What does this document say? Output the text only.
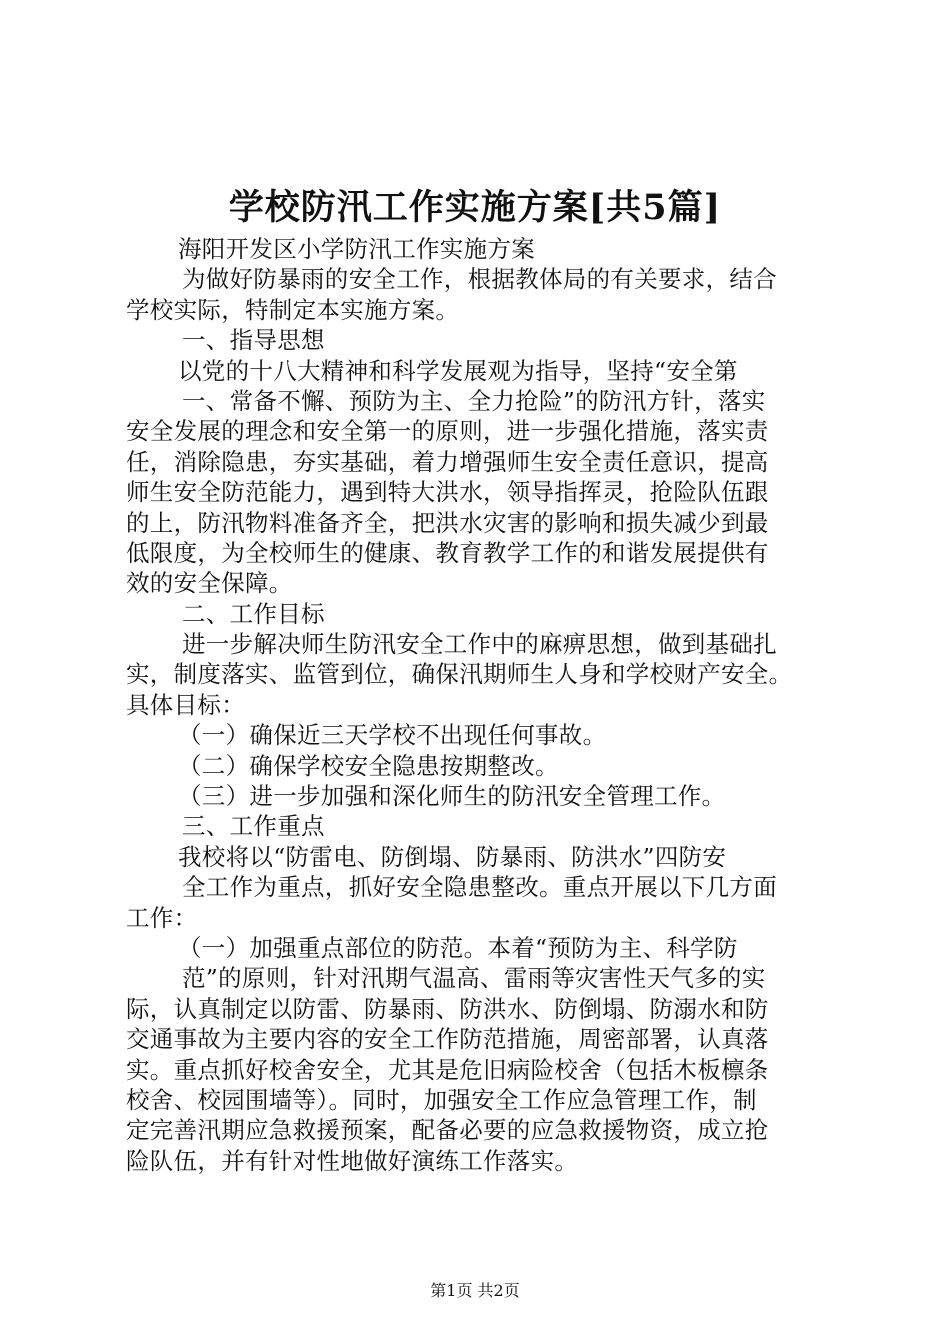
学校防汛工作实施方案[共5篇]
海阳开发区小学防汛工作实施方案
为做好防暴雨的安全工作，根据教体局的有关要求，结合
学校实际，特制定本实施方案。
一、指导思想
以党的十八大精神和科学发展观为指导，坚持“安全第
一、常备不懈、预防为主、全力抢险”的防汛方针，落实
安全发展的理念和安全第一的原则，进一步强化措施，落实责
任，消除隐患，夯实基础，着力增强师生安全责任意识，提高
师生安全防范能力，遇到特大洪水，领导指挥灵，抢险队伍跟
的上，防汛物料准备齐全，把洪水灾害的影响和损失减少到最
低限度，为全校师生的健康、教育教学工作的和谐发展提供有
效的安全保障。
二、工作目标
进一步解决师生防汛安全工作中的麻痹思想，做到基础扎
实，制度落实、监管到位，确保汛期师生人身和学校财产安全。
具体目标：
（一）确保近三天学校不出现任何事故。
（二）确保学校安全隐患按期整改。
（三）进一步加强和深化师生的防汛安全管理工作。
三、工作重点
我校将以“防雷电、防倒塌、防暴雨、防洪水”四防安
全工作为重点，抓好安全隐患整改。重点开展以下几方面
工作：
（一）加强重点部位的防范。本着“预防为主、科学防
范”的原则，针对汛期气温高、雷雨等灾害性天气多的实
际，认真制定以防雷、防暴雨、防洪水、防倒塌、防溺水和防
交通事故为主要内容的安全工作防范措施，周密部署，认真落
实。重点抓好校舍安全，尤其是危旧病险校舍（包括木板檩条
校舍、校园围墙等）。同时，加强安全工作应急管理工作，制
定完善汛期应急救援预案，配备必要的应急救援物资，成立抢
险队伍，并有针对性地做好演练工作落实。
第1页 共2页
